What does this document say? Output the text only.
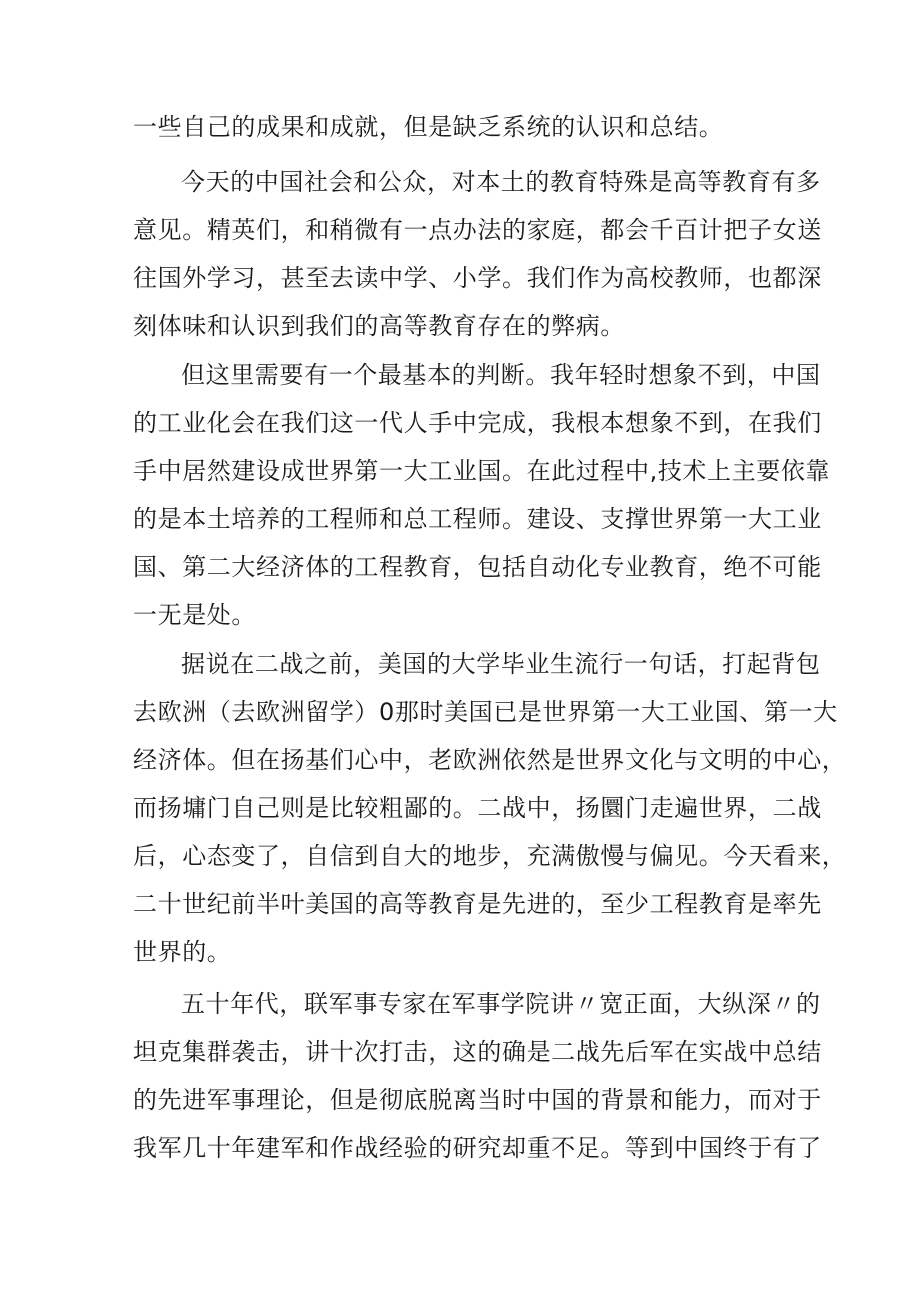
一些自己的成果和成就，但是缺乏系统的认识和总结。
今天的中国社会和公众，对本土的教育特殊是高等教育有多
意见。精英们，和稍微有一点办法的家庭，都会千百计把子女送
往国外学习，甚至去读中学、小学。我们作为高校教师，也都深
刻体味和认识到我们的高等教育存在的弊病。
但这里需要有一个最基本的判断。我年轻时想象不到，中国
的工业化会在我们这一代人手中完成，我根本想象不到，在我们
手中居然建设成世界第一大工业国。在此过程中,技术上主要依靠
的是本土培养的工程师和总工程师。建设、支撑世界第一大工业
国、第二大经济体的工程教育，包括自动化专业教育，绝不可能
一无是处。
据说在二战之前，美国的大学毕业生流行一句话，打起背包
去欧洲（去欧洲留学）0那时美国已是世界第一大工业国、第一大
经济体。但在扬基们心中，老欧洲依然是世界文化与文明的中心，
而扬墉门自己则是比较粗鄙的。二战中，扬圜门走遍世界，二战
后，心态变了，自信到自大的地步，充满傲慢与偏见。今天看来，
二十世纪前半叶美国的高等教育是先进的，至少工程教育是率先
世界的。
五十年代，联军事专家在军事学院讲〃宽正面，大纵深〃的
坦克集群袭击，讲十次打击，这的确是二战先后军在实战中总结
的先进军事理论，但是彻底脱离当时中国的背景和能力，而对于
我军几十年建军和作战经验的研究却重不足。等到中国终于有了
